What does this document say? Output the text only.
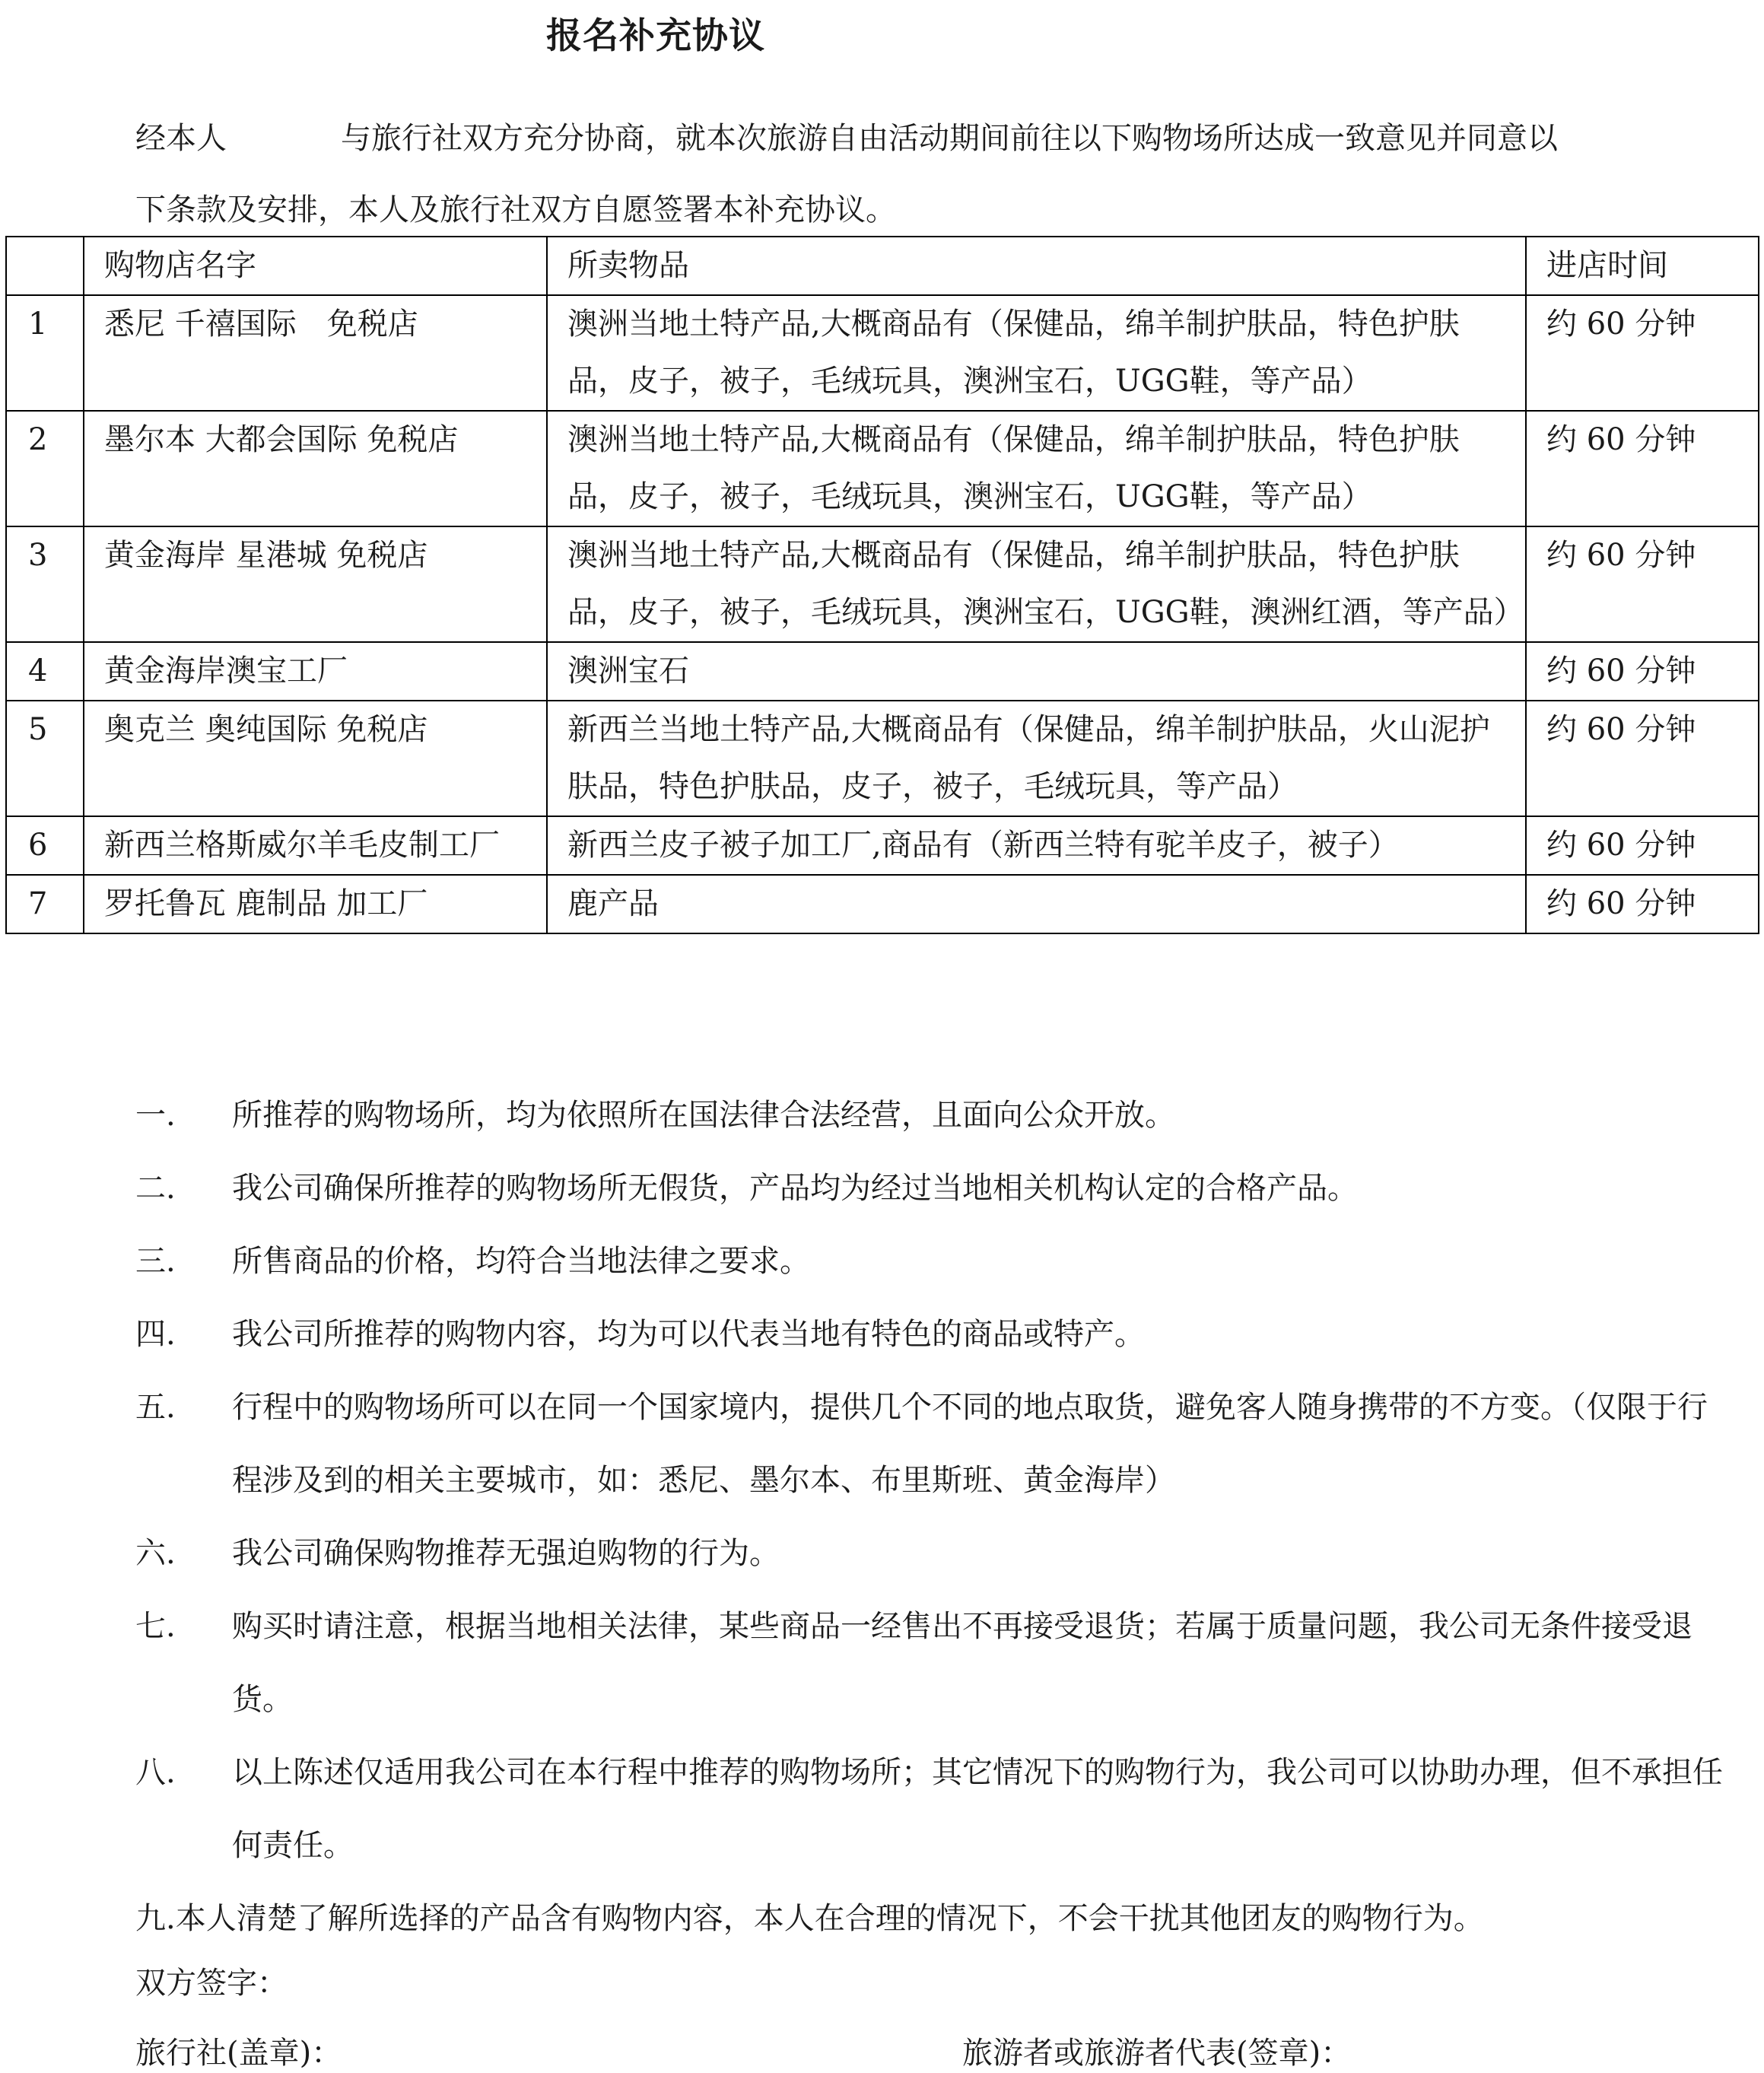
报名补充协议
经本人	与旅行社双方充分协商，就本次旅游自由活动期间前往以下购物场所达成一致意见并同意以
下条款及安排，本人及旅行社双方自愿签署本补充协议。
	购物店名字	所卖物品	进店时间
1	悉尼 千禧国际　免税店	澳洲当地土特产品,大概商品有（保健品，绵羊制护肤品，特色护肤品，皮子，被子，毛绒玩具，澳洲宝石，UGG鞋，等产品）	约 60 分钟
2	墨尔本 大都会国际 免税店	澳洲当地土特产品,大概商品有（保健品，绵羊制护肤品，特色护肤品，皮子，被子，毛绒玩具，澳洲宝石，UGG鞋，等产品）	约 60 分钟
3	黄金海岸 星港城 免税店	澳洲当地土特产品,大概商品有（保健品，绵羊制护肤品，特色护肤品，皮子，被子，毛绒玩具，澳洲宝石，UGG鞋，澳洲红酒，等产品）	约 60 分钟
4	黄金海岸澳宝工厂	澳洲宝石	约 60 分钟
5	奥克兰 奥纯国际 免税店	新西兰当地土特产品,大概商品有（保健品，绵羊制护肤品，火山泥护肤品，特色护肤品，皮子，被子，毛绒玩具，等产品）	约 60 分钟
6	新西兰格斯威尔羊毛皮制工厂	新西兰皮子被子加工厂,商品有（新西兰特有驼羊皮子，被子）	约 60 分钟
7	罗托鲁瓦 鹿制品 加工厂	鹿产品	约 60 分钟
一.	所推荐的购物场所，均为依照所在国法律合法经营，且面向公众开放。
二.	我公司确保所推荐的购物场所无假货，产品均为经过当地相关机构认定的合格产品。
三.	所售商品的价格，均符合当地法律之要求。
四.	我公司所推荐的购物内容，均为可以代表当地有特色的商品或特产。
五.	行程中的购物场所可以在同一个国家境内，提供几个不同的地点取货，避免客人随身携带的不方变。（仅限于行程涉及到的相关主要城市，如：悉尼、墨尔本、布里斯班、黄金海岸）
六.	我公司确保购物推荐无强迫购物的行为。
七.	购买时请注意，根据当地相关法律，某些商品一经售出不再接受退货；若属于质量问题，我公司无条件接受退货。
八.	以上陈述仅适用我公司在本行程中推荐的购物场所；其它情况下的购物行为，我公司可以协助办理，但不承担任何责任。
九.本人清楚了解所选择的产品含有购物内容，本人在合理的情况下，不会干扰其他团友的购物行为。
双方签字：
旅行社(盖章)：	旅游者或旅游者代表(签章)：
